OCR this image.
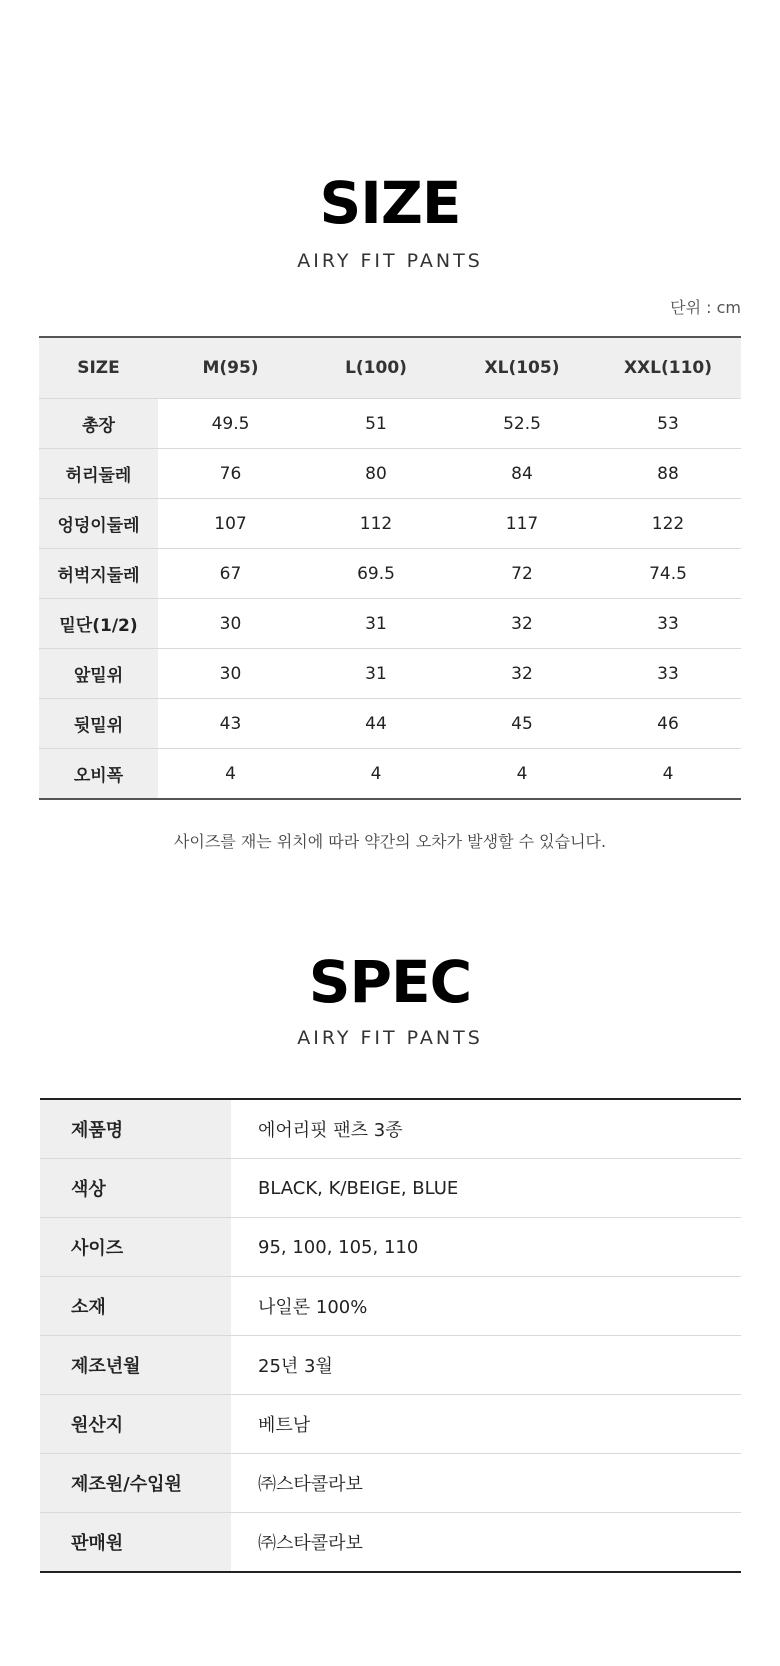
SIZE
AIRY FIT PANTS
단위 : cm
SIZE	M(95)	L(100)	XL(105)	XXL(110)
총장	49.5	51	52.5	53
허리둘레	76	80	84	88
엉덩이둘레	107	112	117	122
허벅지둘레	67	69.5	72	74.5
밑단(1/2)	30	31	32	33
앞밑위	30	31	32	33
뒷밑위	43	44	45	46
오비폭	4	4	4	4
사이즈를 재는 위치에 따라 약간의 오차가 발생할 수 있습니다.
SPEC
AIRY FIT PANTS
제품명	에어리핏 팬츠 3종
색상	BLACK, K/BEIGE, BLUE
사이즈	95, 100, 105, 110
소재	나일론 100%
제조년월	25년 3월
원산지	베트남
제조원/수입원	㈜스타콜라보
판매원	㈜스타콜라보
